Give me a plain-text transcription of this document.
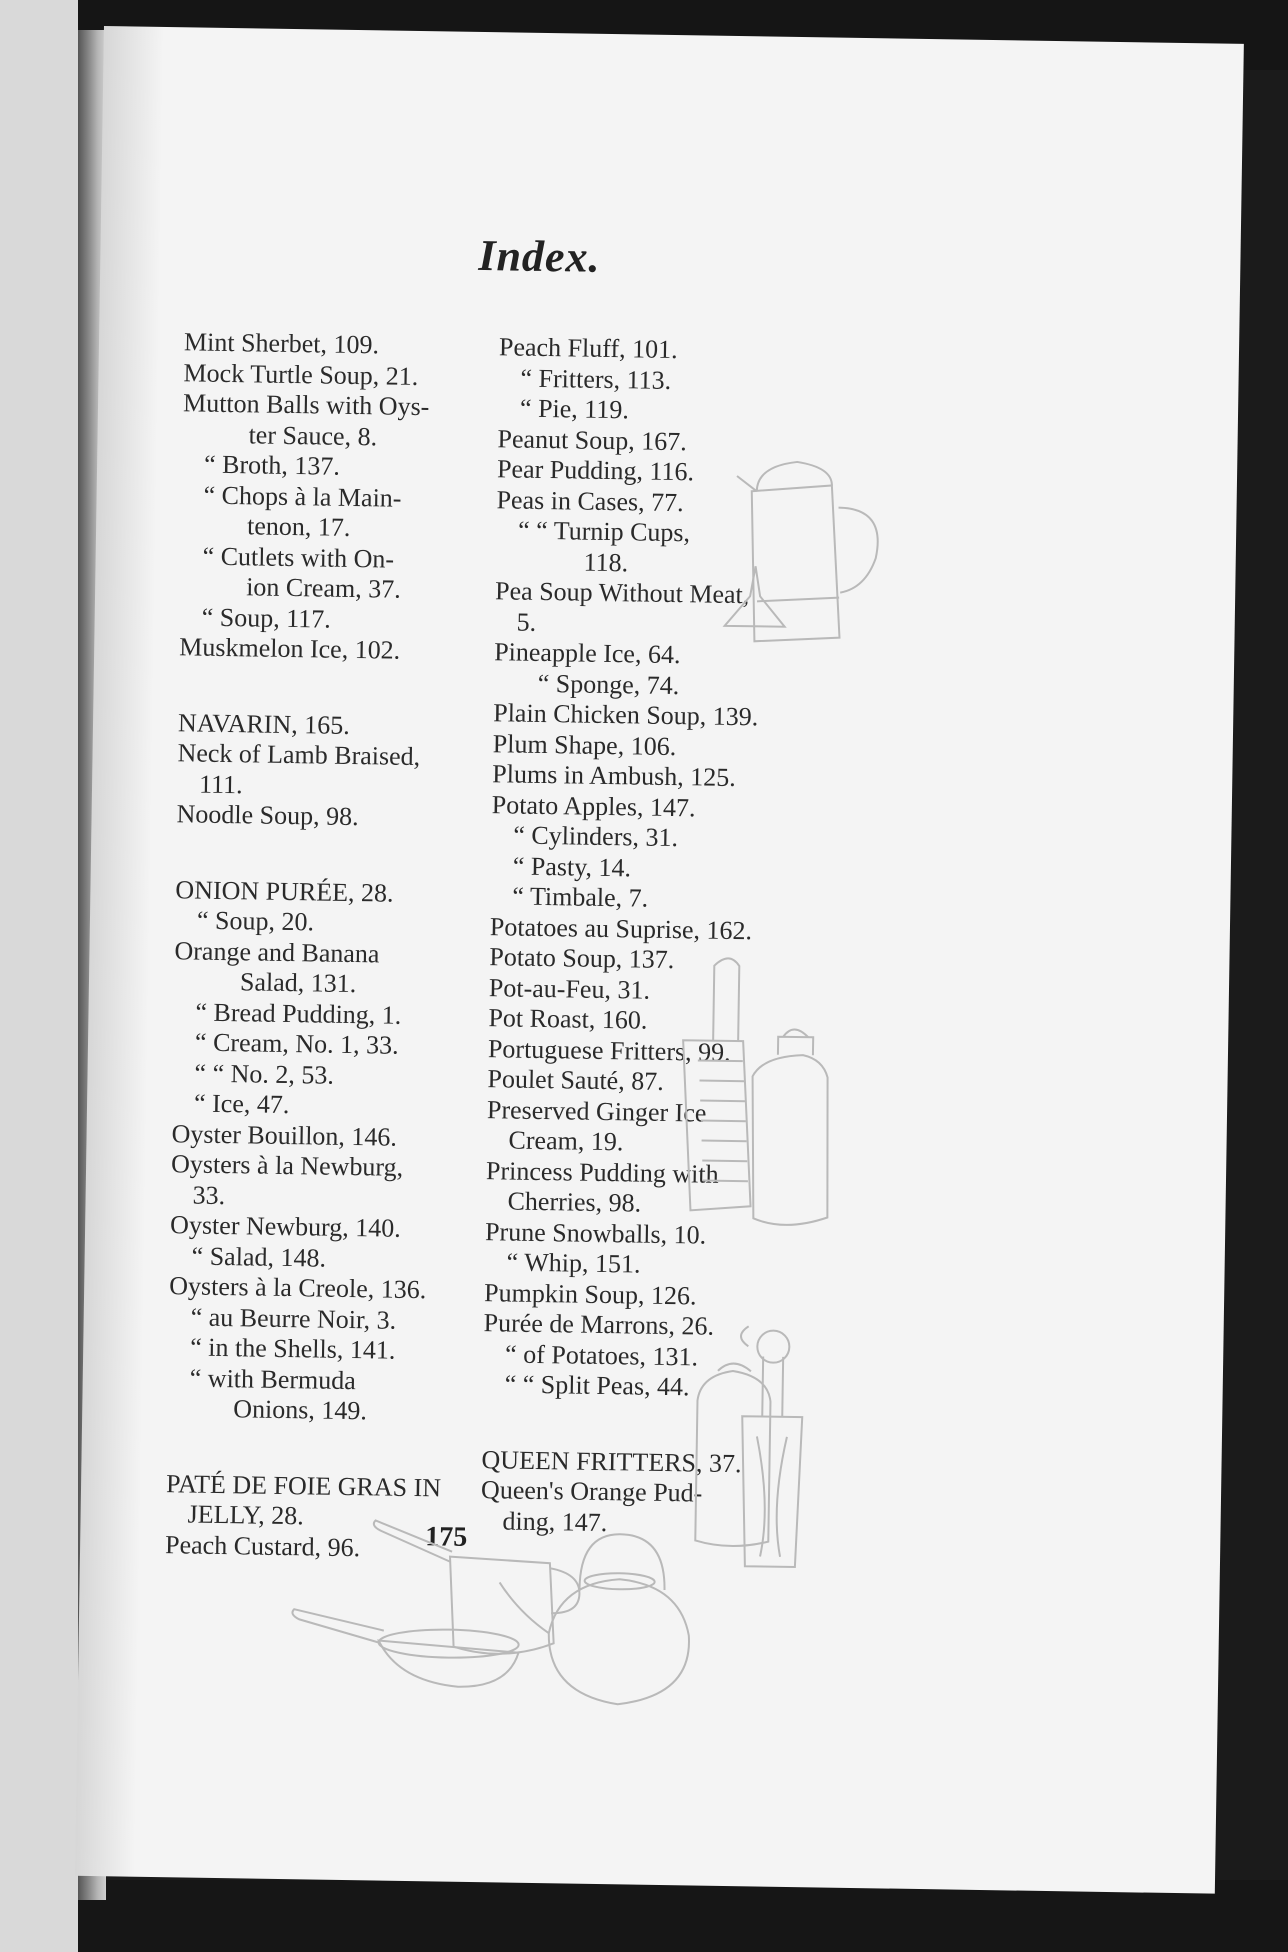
Index.
Mint Sherbet, 109.
Mock Turtle Soup, 21.
Mutton Balls with Oys-
ter Sauce, 8.
“ Broth, 137.
“ Chops à la Main-
tenon, 17.
“ Cutlets with On-
ion Cream, 37.
“ Soup, 117.
Muskmelon Ice, 102.
NAVARIN, 165.
Neck of Lamb Braised,
111.
Noodle Soup, 98.
ONION PURÉE, 28.
“ Soup, 20.
Orange and Banana
Salad, 131.
“ Bread Pudding, 1.
“ Cream, No. 1, 33.
“ “ No. 2, 53.
“ Ice, 47.
Oyster Bouillon, 146.
Oysters à la Newburg,
33.
Oyster Newburg, 140.
“ Salad, 148.
Oysters à la Creole, 136.
“ au Beurre Noir, 3.
“ in the Shells, 141.
“ with Bermuda
Onions, 149.
PATÉ DE FOIE GRAS IN
JELLY, 28.
Peach Custard, 96.
Peach Fluff, 101.
“ Fritters, 113.
“ Pie, 119.
Peanut Soup, 167.
Pear Pudding, 116.
Peas in Cases, 77.
“ “ Turnip Cups,
118.
Pea Soup Without Meat,
5.
Pineapple Ice, 64.
“ Sponge, 74.
Plain Chicken Soup, 139.
Plum Shape, 106.
Plums in Ambush, 125.
Potato Apples, 147.
“ Cylinders, 31.
“ Pasty, 14.
“ Timbale, 7.
Potatoes au Suprise, 162.
Potato Soup, 137.
Pot-au-Feu, 31.
Pot Roast, 160.
Portuguese Fritters, 99.
Poulet Sauté, 87.
Preserved Ginger Ice
Cream, 19.
Princess Pudding with
Cherries, 98.
Prune Snowballs, 10.
“ Whip, 151.
Pumpkin Soup, 126.
Purée de Marrons, 26.
“ of Potatoes, 131.
“ “ Split Peas, 44.
QUEEN FRITTERS, 37.
Queen's Orange Pud-
ding, 147.
175
